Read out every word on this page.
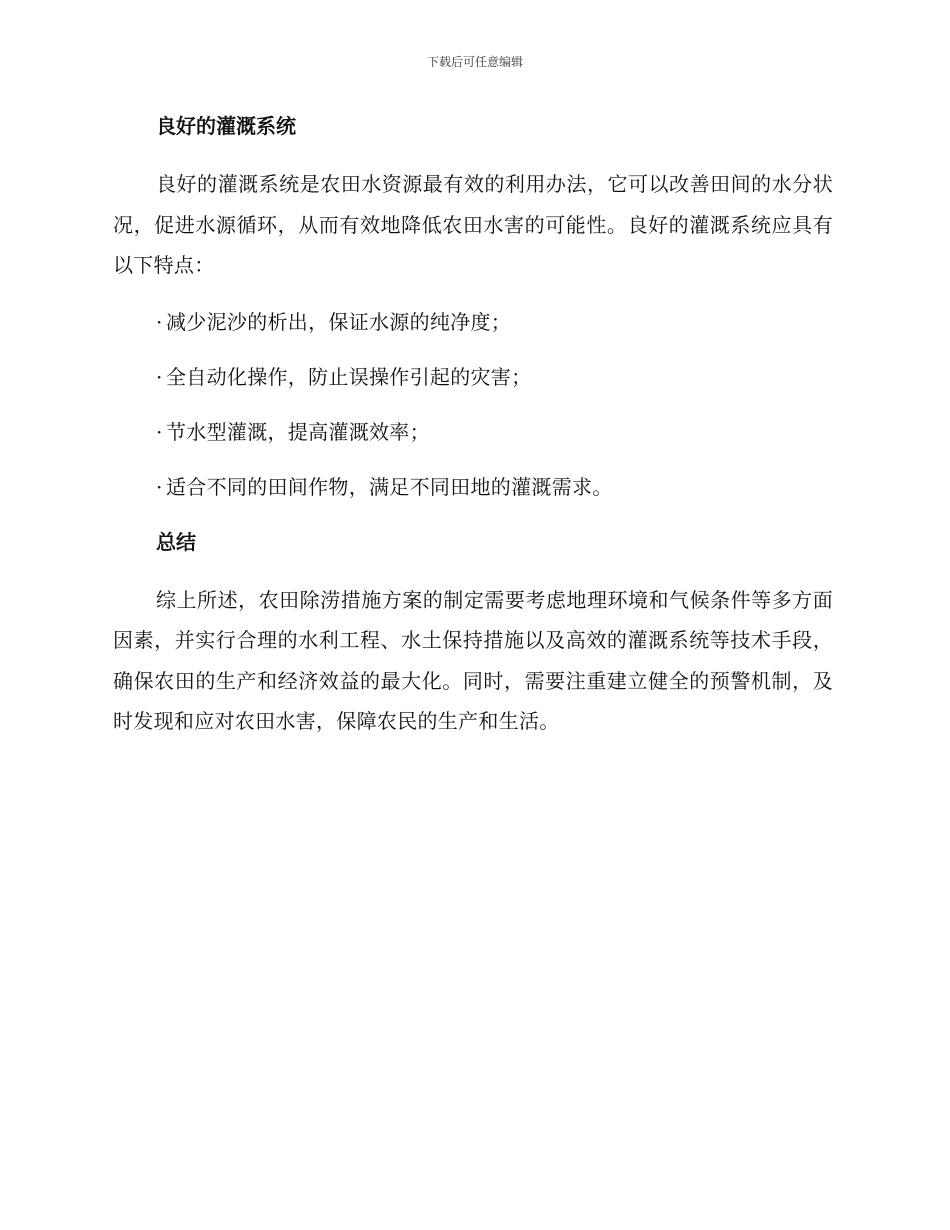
下载后可任意编辑
良好的灌溉系统

良好的灌溉系统是农田水资源最有效的利用办法，它可以改善田间的水分状况，促进水源循环，从而有效地降低农田水害的可能性。良好的灌溉系统应具有以下特点：

· 减少泥沙的析出，保证水源的纯净度；
· 全自动化操作，防止误操作引起的灾害；
· 节水型灌溉，提高灌溉效率；
· 适合不同的田间作物，满足不同田地的灌溉需求。
总结

综上所述，农田除涝措施方案的制定需要考虑地理环境和气候条件等多方面因素，并实行合理的水利工程、水土保持措施以及高效的灌溉系统等技术手段，确保农田的生产和经济效益的最大化。同时，需要注重建立健全的预警机制，及时发现和应对农田水害，保障农民的生产和生活。
